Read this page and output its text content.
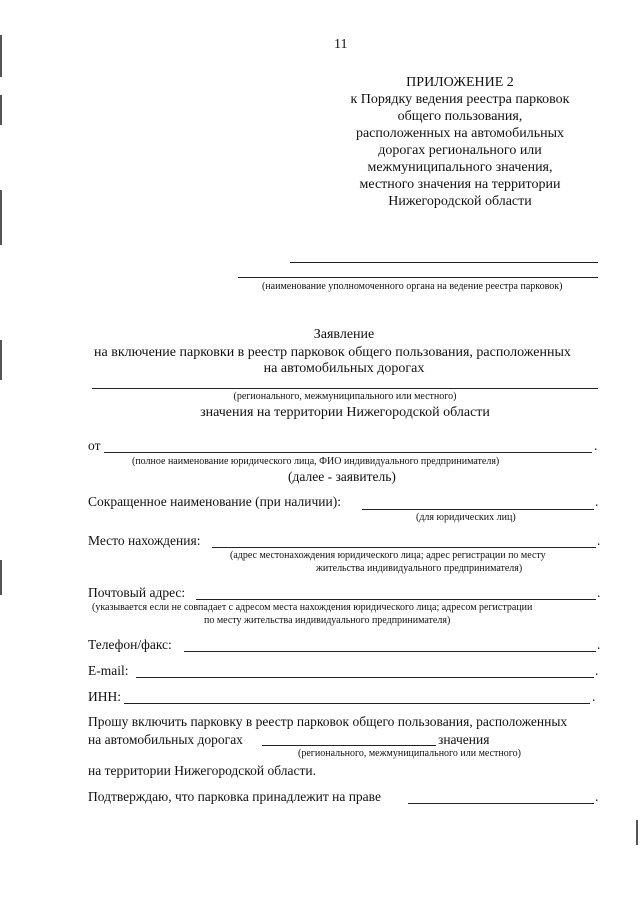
11
ПРИЛОЖЕНИЕ 2
к Порядку ведения реестра парковок
общего пользования,
расположенных на автомобильных
дорогах регионального или
межмуниципального значения,
местного значения на территории
Нижегородской области
(наименование уполномоченного органа на ведение реестра парковок)
Заявление
на включение парковки в реестр парковок общего пользования, расположенных
на автомобильных дорогах
(регионального, межмуниципального или местного)
значения на территории Нижегородской области
от	.
(полное наименование юридического лица, ФИО индивидуального предпринимателя)
(далее - заявитель)
Сокращенное наименование (при наличии):	.
(для юридических лиц)
Место нахождения:	.
(адрес местонахождения юридического лица; адрес регистрации по месту
жительства индивидуального предпринимателя)
Почтовый адрес:	.
(указывается если не совпадает с адресом места нахождения юридического лица; адресом регистрации
по месту жительства индивидуального предпринимателя)
Телефон/факс:	.
E-mail:	.
ИНН:	.
Прошу включить парковку в реестр парковок общего пользования, расположенных
на автомобильных дорогах	значения
(регионального, межмуниципального или местного)
на территории Нижегородской области.
Подтверждаю, что парковка принадлежит на праве	.
